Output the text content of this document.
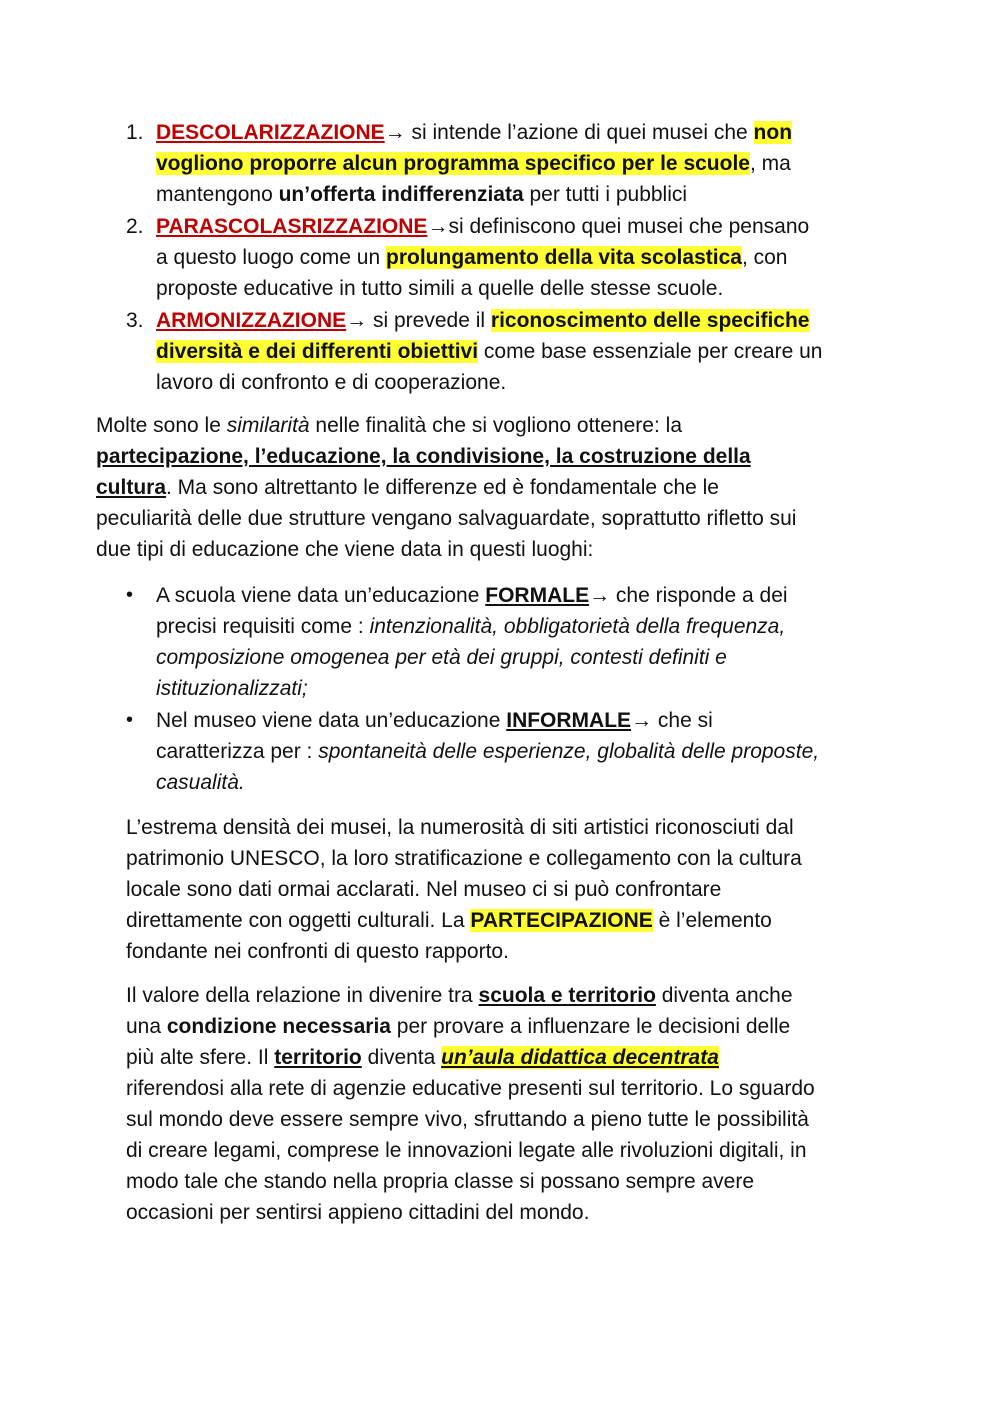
1. DESCOLARIZZAZIONE→ si intende l’azione di quei musei che non
vogliono proporre alcun programma specifico per le scuole, ma
mantengono un’offerta indifferenziata per tutti i pubblici
2. PARASCOLASRIZZAZIONE→si definiscono quei musei che pensano
a questo luogo come un prolungamento della vita scolastica, con
proposte educative in tutto simili a quelle delle stesse scuole.
3. ARMONIZZAZIONE→ si prevede il riconoscimento delle specifiche
diversità e dei differenti obiettivi come base essenziale per creare un
lavoro di confronto e di cooperazione.
Molte sono le similarità nelle finalità che si vogliono ottenere: la
partecipazione, l’educazione, la condivisione, la costruzione della
cultura. Ma sono altrettanto le differenze ed è fondamentale che le
peculiarità delle due strutture vengano salvaguardate, soprattutto rifletto sui
due tipi di educazione che viene data in questi luoghi:
• A scuola viene data un’educazione FORMALE→ che risponde a dei
precisi requisiti come : intenzionalità, obbligatorietà della frequenza,
composizione omogenea per età dei gruppi, contesti definiti e
istituzionalizzati;
• Nel museo viene data un’educazione INFORMALE→ che si
caratterizza per : spontaneità delle esperienze, globalità delle proposte,
casualità.
L’estrema densità dei musei, la numerosità di siti artistici riconosciuti dal
patrimonio UNESCO, la loro stratificazione e collegamento con la cultura
locale sono dati ormai acclarati. Nel museo ci si può confrontare
direttamente con oggetti culturali. La PARTECIPAZIONE è l’elemento
fondante nei confronti di questo rapporto.
Il valore della relazione in divenire tra scuola e territorio diventa anche
una condizione necessaria per provare a influenzare le decisioni delle
più alte sfere. Il territorio diventa un’aula didattica decentrata
riferendosi alla rete di agenzie educative presenti sul territorio. Lo sguardo
sul mondo deve essere sempre vivo, sfruttando a pieno tutte le possibilità
di creare legami, comprese le innovazioni legate alle rivoluzioni digitali, in
modo tale che stando nella propria classe si possano sempre avere
occasioni per sentirsi appieno cittadini del mondo.
